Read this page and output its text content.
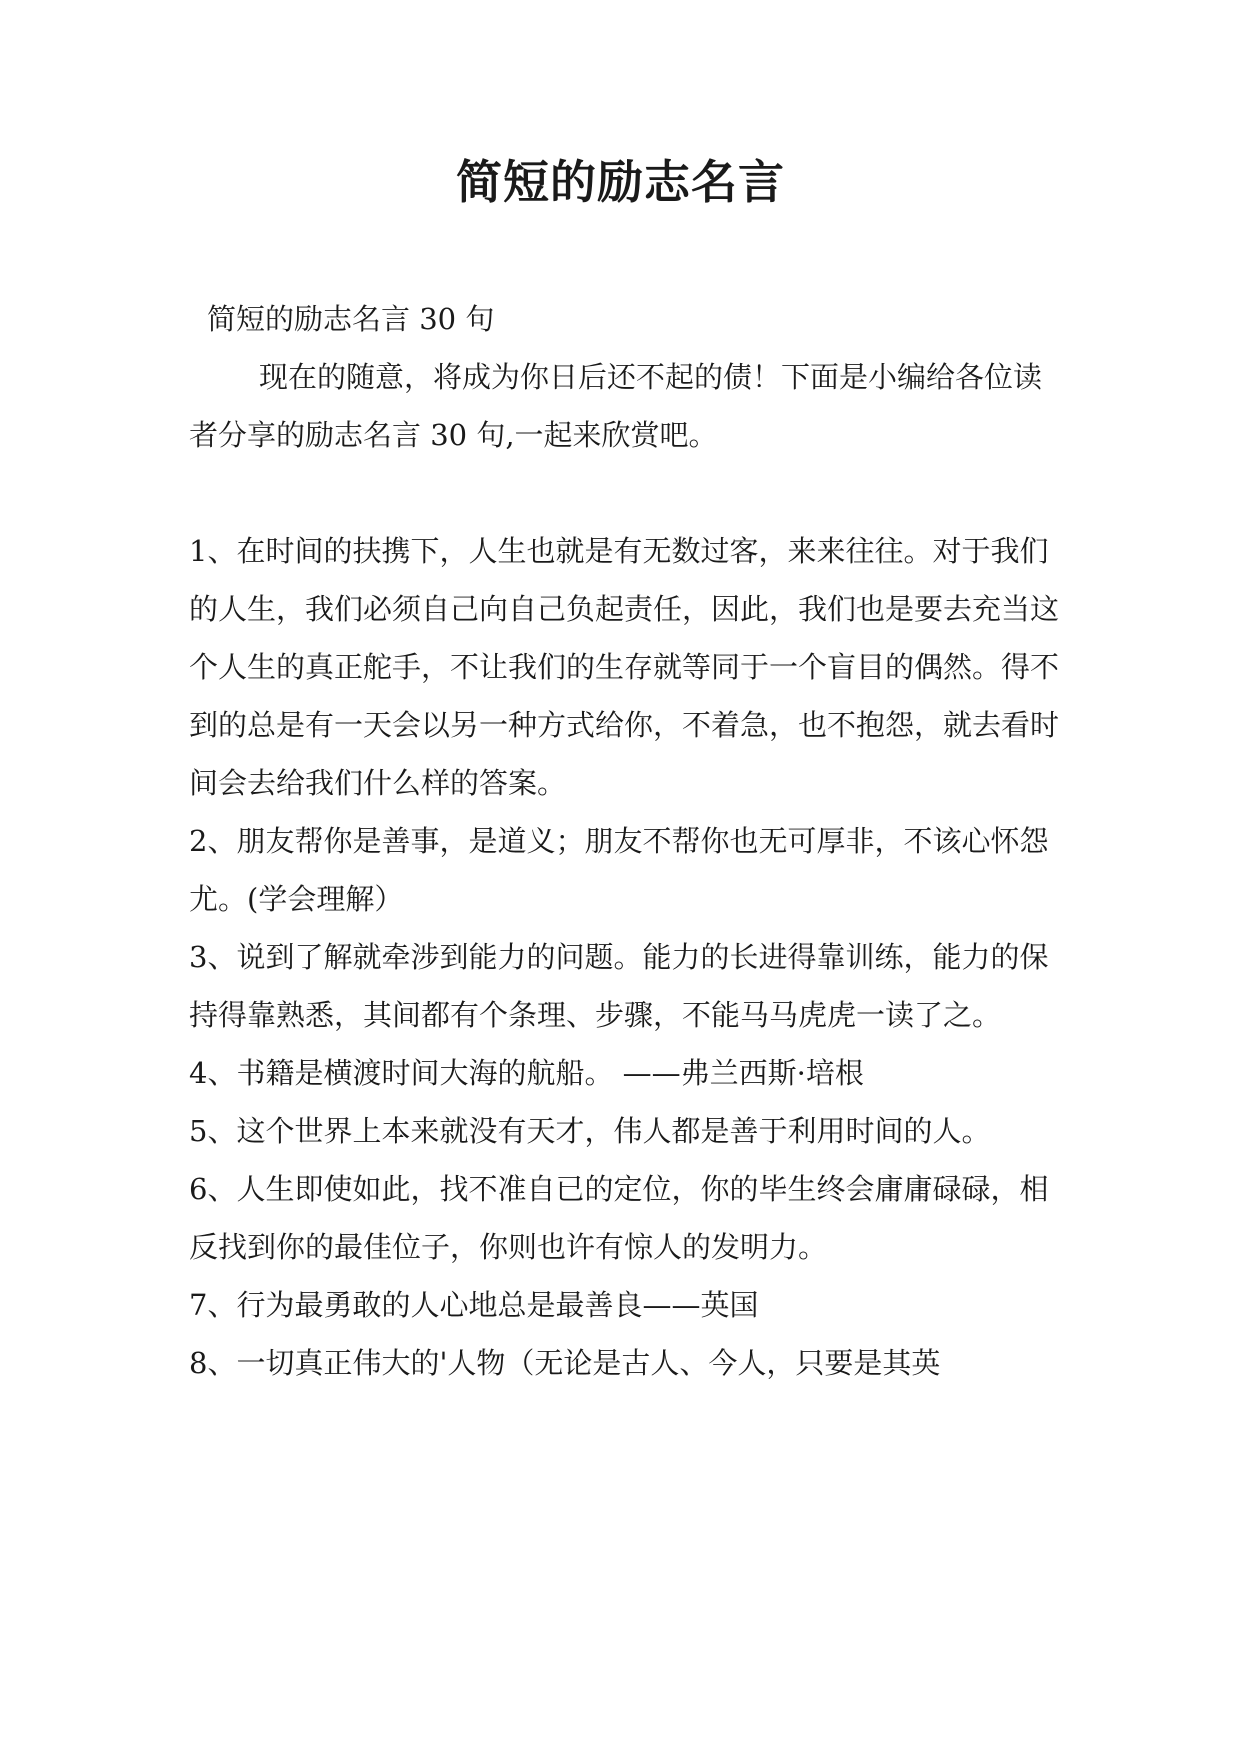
简短的励志名言

简短的励志名言 30 句

现在的随意，将成为你日后还不起的债！下面是小编给各位读者分享的励志名言 30 句,一起来欣赏吧。

1、在时间的扶携下，人生也就是有无数过客，来来往往。对于我们的人生，我们必须自己向自己负起责任，因此，我们也是要去充当这个人生的真正舵手，不让我们的生存就等同于一个盲目的偶然。得不到的总是有一天会以另一种方式给你，不着急，也不抱怨，就去看时间会去给我们什么样的答案。

2、朋友帮你是善事，是道义；朋友不帮你也无可厚非，不该心怀怨尤。(学会理解）

3、说到了解就牵涉到能力的问题。能力的长进得靠训练，能力的保持得靠熟悉，其间都有个条理、步骤，不能马马虎虎一读了之。

4、书籍是横渡时间大海的航船。 ——弗兰西斯·培根

5、这个世界上本来就没有天才，伟人都是善于利用时间的人。

6、人生即使如此，找不准自已的定位，你的毕生终会庸庸碌碌，相反找到你的最佳位子，你则也许有惊人的发明力。

7、行为最勇敢的人心地总是最善良——英国

8、一切真正伟大的'人物（无论是古人、今人，只要是其英
